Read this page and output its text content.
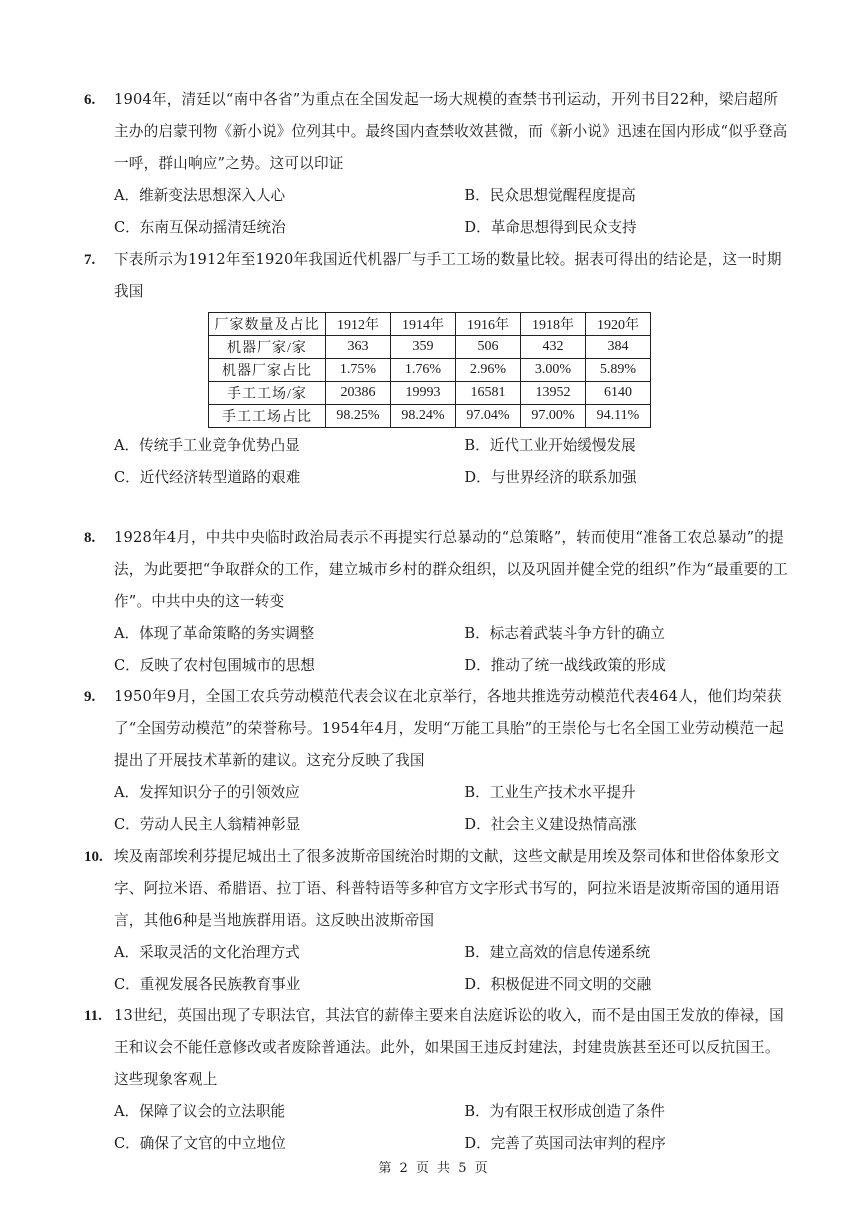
6.	1904年，清廷以“南中各省”为重点在全国发起一场大规模的查禁书刊运动，开列书目22种，梁启超所主办的启蒙刊物《新小说》位列其中。最终国内查禁收效甚微，而《新小说》迅速在国内形成“似乎登高一呼，群山响应”之势。这可以印证
A．维新变法思想深入人心	B．民众思想觉醒程度提高
C．东南互保动摇清廷统治	D．革命思想得到民众支持
7.	下表所示为1912年至1920年我国近代机器厂与手工工场的数量比较。据表可得出的结论是，这一时期我国
厂家数量及占比	1912年	1914年	1916年	1918年	1920年
机器厂家/家	363	359	506	432	384
机器厂家占比	1.75%	1.76%	2.96%	3.00%	5.89%
手工工场/家	20386	19993	16581	13952	6140
手工工场占比	98.25%	98.24%	97.04%	97.00%	94.11%
A．传统手工业竞争优势凸显	B．近代工业开始缓慢发展
C．近代经济转型道路的艰难	D．与世界经济的联系加强
8.	1928年4月，中共中央临时政治局表示不再提实行总暴动的“总策略”，转而使用“准备工农总暴动”的提法，为此要把“争取群众的工作，建立城市乡村的群众组织，以及巩固并健全党的组织”作为“最重要的工作”。中共中央的这一转变
A．体现了革命策略的务实调整	B．标志着武装斗争方针的确立
C．反映了农村包围城市的思想	D．推动了统一战线政策的形成
9.	1950年9月，全国工农兵劳动模范代表会议在北京举行，各地共推选劳动模范代表464人，他们均荣获了“全国劳动模范”的荣誉称号。1954年4月，发明“万能工具胎”的王崇伦与七名全国工业劳动模范一起提出了开展技术革新的建议。这充分反映了我国
A．发挥知识分子的引领效应	B．工业生产技术水平提升
C．劳动人民主人翁精神彰显	D．社会主义建设热情高涨
10. 埃及南部埃利芬提尼城出土了很多波斯帝国统治时期的文献，这些文献是用埃及祭司体和世俗体象形文字、阿拉米语、希腊语、拉丁语、科普特语等多种官方文字形式书写的，阿拉米语是波斯帝国的通用语言，其他6种是当地族群用语。这反映出波斯帝国
A．采取灵活的文化治理方式	B．建立高效的信息传递系统
C．重视发展各民族教育事业	D．积极促进不同文明的交融
11. 13世纪，英国出现了专职法官，其法官的薪俸主要来自法庭诉讼的收入，而不是由国王发放的俸禄，国王和议会不能任意修改或者废除普通法。此外，如果国王违反封建法，封建贵族甚至还可以反抗国王。这些现象客观上
A．保障了议会的立法职能	B．为有限王权形成创造了条件
C．确保了文官的中立地位	D．完善了英国司法审判的程序
第 2 页 共 5 页
